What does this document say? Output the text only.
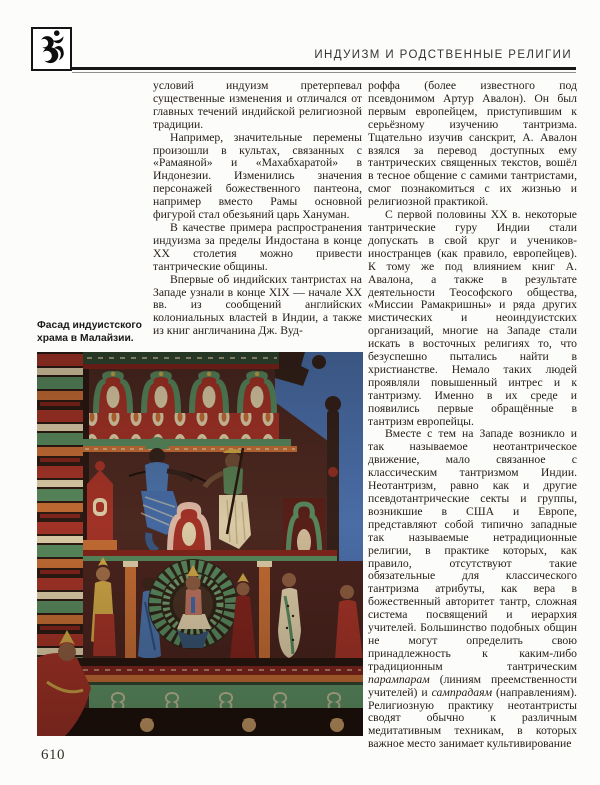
ИНДУИЗМ И РОДСТВЕННЫЕ РЕЛИГИИ

условий индуизм претерпевал существенные изменения и отличался от главных течений индийской религиозной традиции.

Например, значительные перемены произошли в культах, связанных с «Рамаяной» и «Махабхаратой» в Индонезии. Изменились значения персонажей божественного пантеона, например вместо Рамы основной фигурой стал обезьяний царь Хануман.

В качестве примера распространения индуизма за пределы Индостана в конце XX столетия можно привести тантрические общины.

Впервые об индийских тантристах на Западе узнали в конце XIX — начале XX вв. из сообщений английских колониальных властей в Индии, а также из книг англичанина Дж. Вуд-

роффа (более известного под псевдонимом Артур Авалон). Он был первым европейцем, приступившим к серьёзному изучению тантризма. Тщательно изучив санскрит, А. Авалон взялся за перевод доступных ему тантрических священных текстов, вошёл в тесное общение с самими тантристами, смог познакомиться с их жизнью и религиозной практикой.

С первой половины XX в. некоторые тантрические гуру Индии стали допускать в свой круг и учеников-иностранцев (как правило, европейцев). К тому же под влиянием книг А. Авалона, а также в результате деятельности Теософского общества, «Миссии Рамакришны» и ряда других мистических и неоиндуистских организаций, многие на Западе стали искать в восточных религиях то, что безуспешно пытались найти в христианстве. Немало таких людей проявляли повышенный интрес и к тантризму. Именно в их среде и появились первые обращённые в тантризм европейцы.

Вместе с тем на Западе возникло и так называемое неотантрическое движение, мало связанное с классическим тантризмом Индии. Неотантризм, равно как и другие псевдотантрические секты и группы, возникшие в США и Европе, представляют собой типично западные так называемые нетрадиционные религии, в практике которых, как правило, отсутствуют такие обязательные для классического тантризма атрибуты, как вера в божественный авторитет тантр, сложная система посвящений и иерархия учителей. Большинство подобных общин не могут определить свою принадлежность к каким-либо традиционным тантрическим парампарам (линиям преемственности учителей) и сампрадаям (направлениям). Религиозную практику неотантристы сводят обычно к различным медитативным техникам, в которых важное место занимает культивирование

Фасад индуистского храма в Малайзии.
610
